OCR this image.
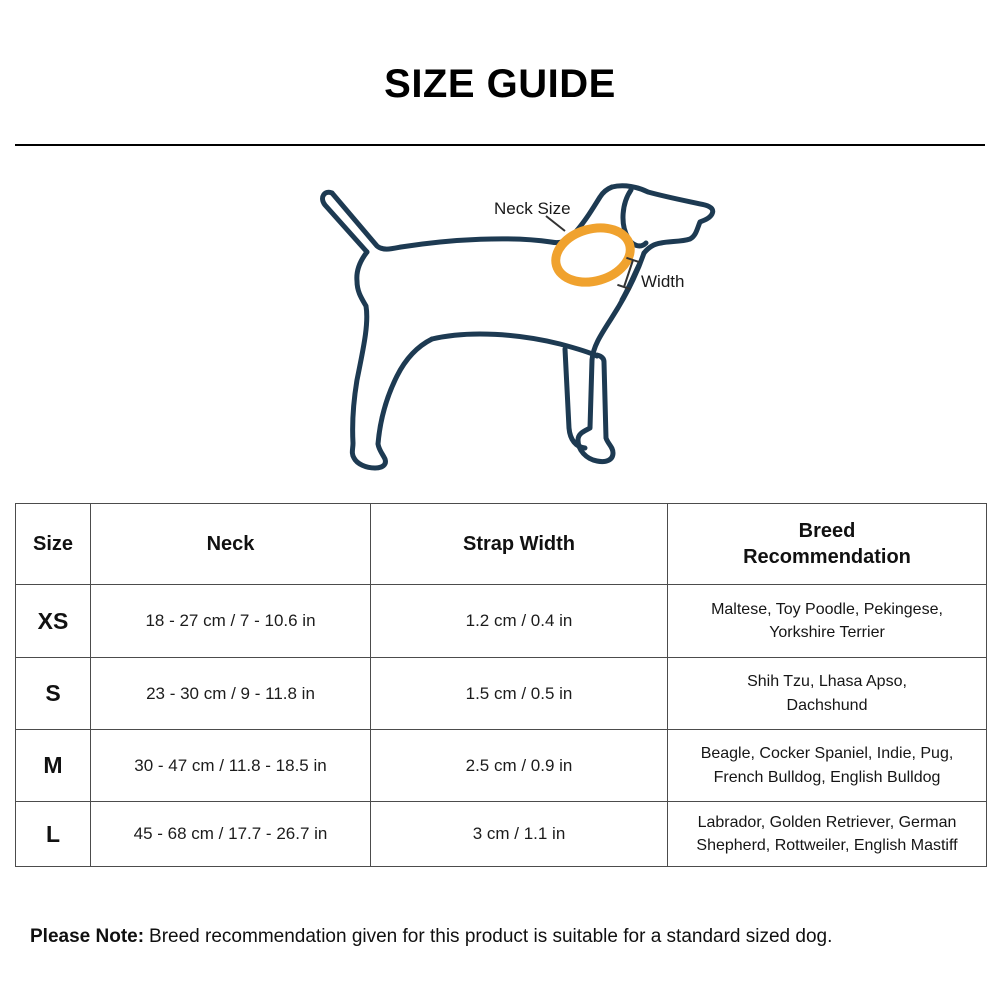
SIZE GUIDE
Neck Size
Width
Size	Neck	Strap Width	Breed Recommendation

XS	18 - 27 cm / 7 - 10.6 in	1.2 cm / 0.4 in	Maltese, Toy Poodle, Pekingese,
Yorkshire Terrier

S	23 - 30 cm / 9 - 11.8 in	1.5 cm / 0.5 in	Shih Tzu, Lhasa Apso,
Dachshund

M	30 - 47 cm / 11.8 - 18.5 in	2.5 cm / 0.9 in	Beagle, Cocker Spaniel, Indie, Pug,
French Bulldog, English Bulldog

L	45 - 68 cm / 17.7 - 26.7 in	3 cm / 1.1 in	Labrador, Golden Retriever, German
Shepherd, Rottweiler, English Mastiff
Please Note: Breed recommendation given for this product is suitable for a standard sized dog.
